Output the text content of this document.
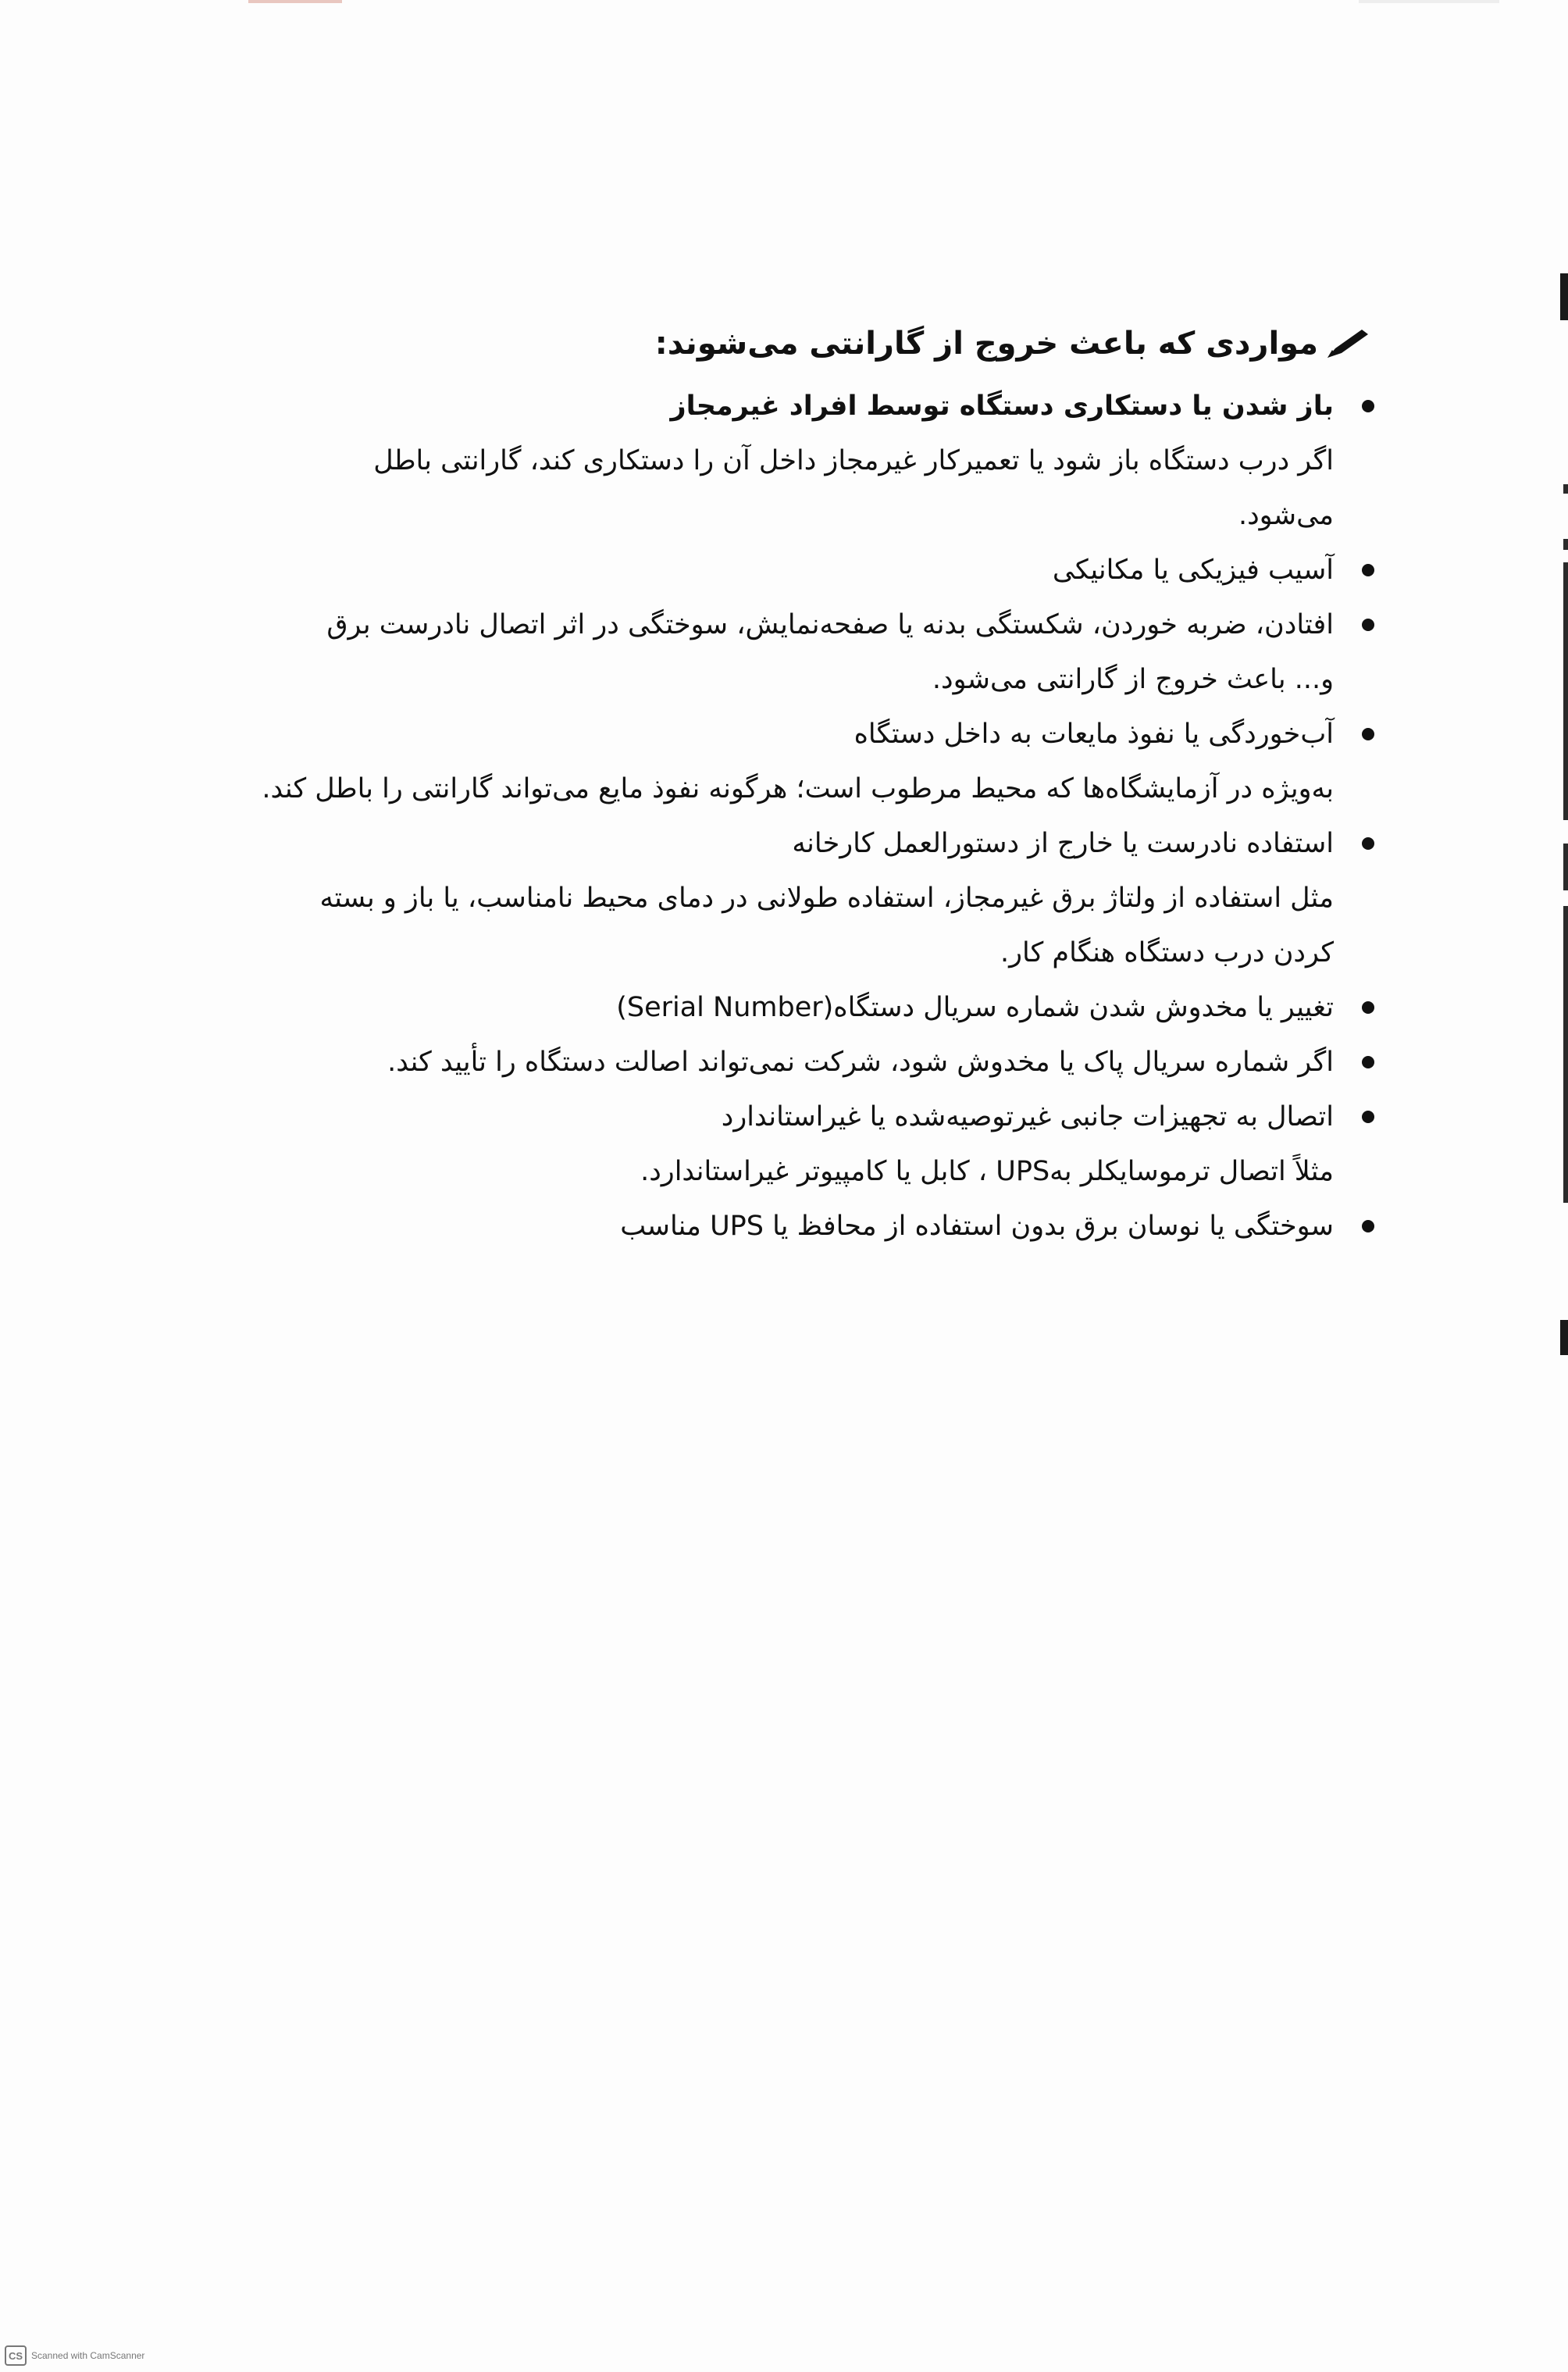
مواردی که باعث خروج از گارانتی می‌شوند:
باز شدن یا دستکاری دستگاه توسط افراد غیرمجاز
اگر درب دستگاه باز شود یا تعمیرکار غیرمجاز داخل آن را دستکاری کند، گارانتی باطل
می‌شود.
آسیب فیزیکی یا مکانیکی
افتادن، ضربه خوردن، شکستگی بدنه یا صفحه‌نمایش، سوختگی در اثر اتصال نادرست برق
و... باعث خروج از گارانتی می‌شود.
آب‌خوردگی یا نفوذ مایعات به داخل دستگاه
به‌ویژه در آزمایشگاه‌ها که محیط مرطوب است؛ هرگونه نفوذ مایع می‌تواند گارانتی را باطل کند.
استفاده نادرست یا خارج از دستورالعمل کارخانه
مثل استفاده از ولتاژ برق غیرمجاز، استفاده طولانی در دمای محیط نامناسب، یا باز و بسته
کردن درب دستگاه هنگام کار.
تغییر یا مخدوش شدن شماره سریال دستگاه(Serial Number)
اگر شماره سریال پاک یا مخدوش شود، شرکت نمی‌تواند اصالت دستگاه را تأیید کند.
اتصال به تجهیزات جانبی غیرتوصیه‌شده یا غیراستاندارد
مثلاً اتصال ترموسایکلر بهUPS ، کابل یا کامپیوتر غیراستاندارد.
سوختگی یا نوسان برق بدون استفاده از محافظ یا UPS مناسب
CS Scanned with CamScanner
